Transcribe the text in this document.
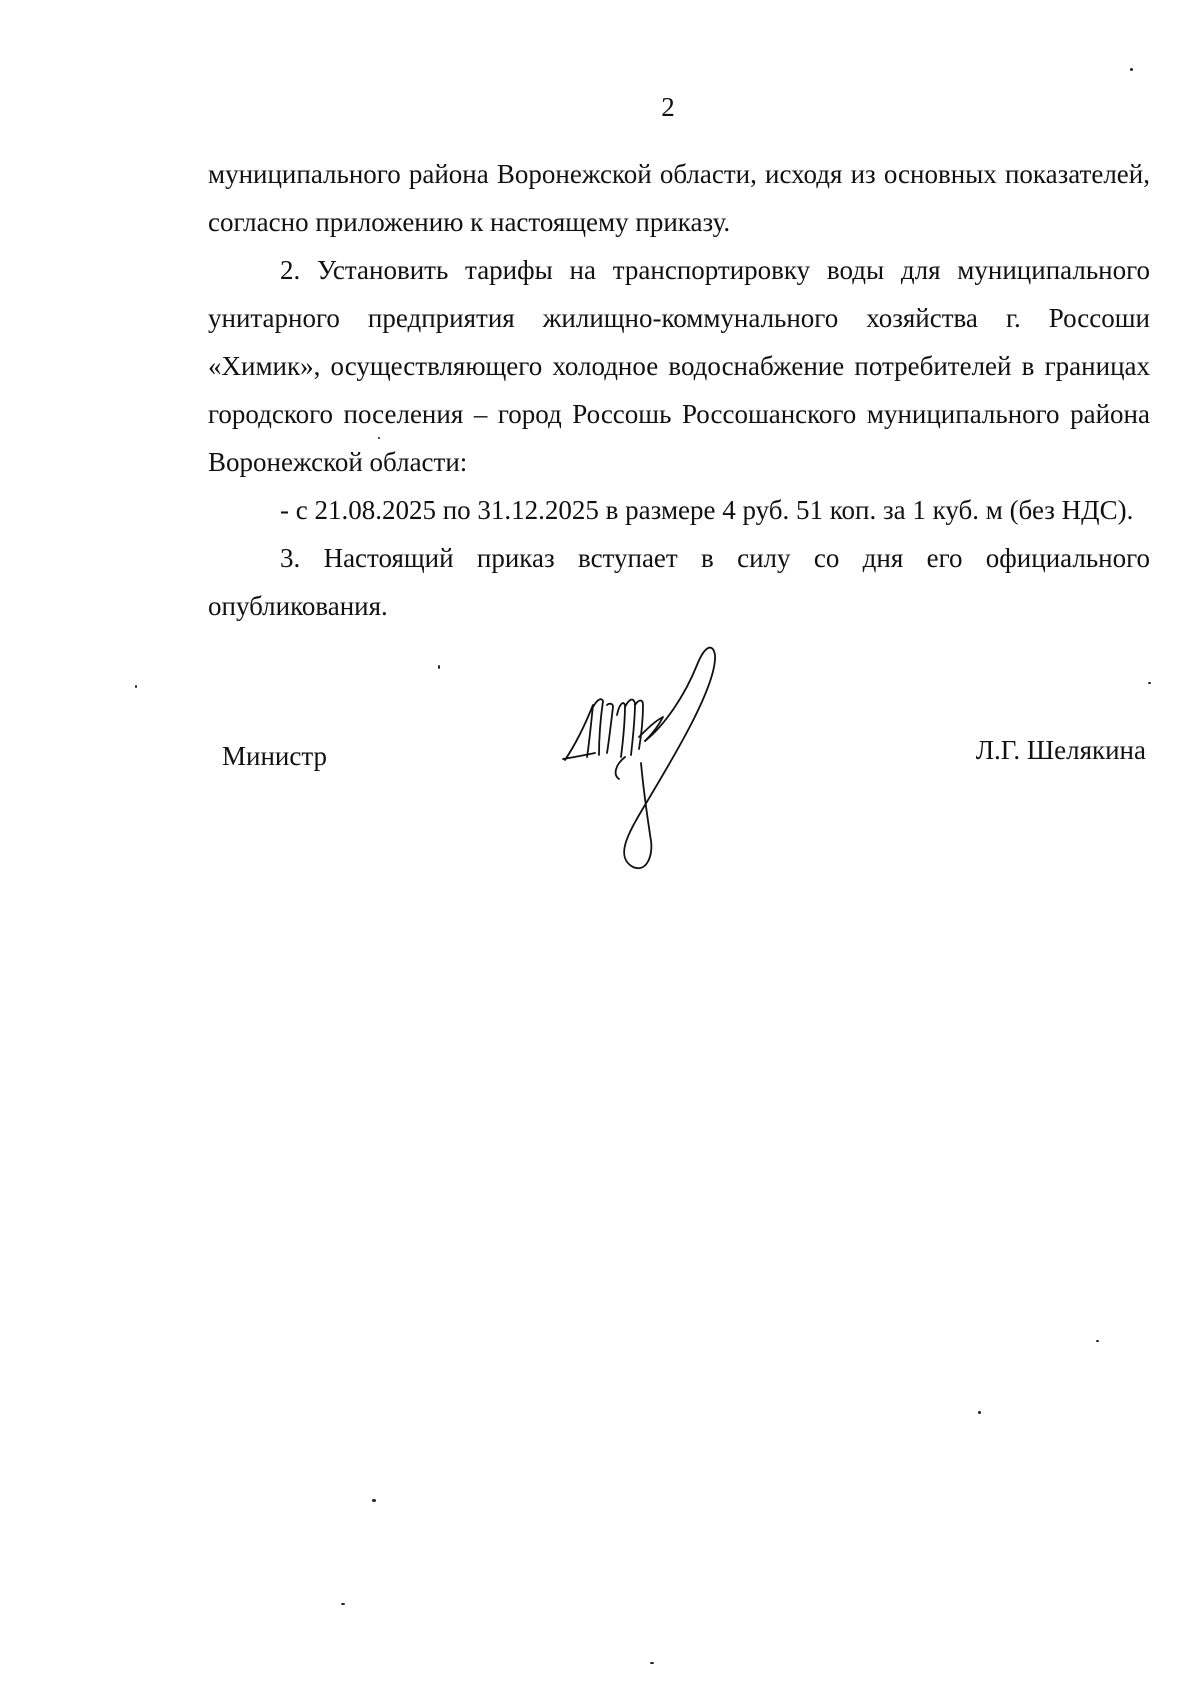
2

муниципального района Воронежской области, исходя из основных показателей, согласно приложению к настоящему приказу.

2. Установить тарифы на транспортировку воды для муниципального унитарного предприятия жилищно-коммунального хозяйства г. Россоши «Химик», осуществляющего холодное водоснабжение потребителей в границах городского поселения – город Россошь Россошанского муниципального района Воронежской области:

- с 21.08.2025 по 31.12.2025 в размере 4 руб. 51 коп. за 1 куб. м (без НДС).

3. Настоящий приказ вступает в силу со дня его официального опубликования.

Министр	Л.Г. Шелякина
